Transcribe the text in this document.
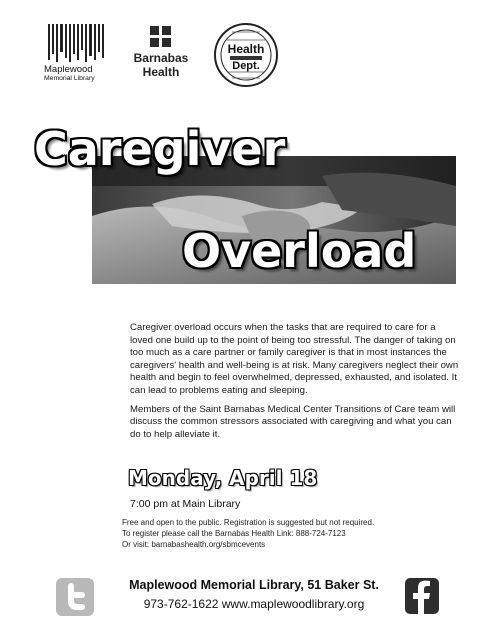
Maplewood
Memorial Library
Barnabas
Health
Health
Dept.
Caregiver
Overload

Caregiver overload occurs when the tasks that are required to care for a loved one build up to the point of being too stressful. The danger of taking on too much as a care partner or family caregiver is that in most instances the caregivers' health and well-being is at risk. Many caregivers neglect their own health and begin to feel overwhelmed, depressed, exhausted, and isolated. It can lead to problems eating and sleeping.

Members of the Saint Barnabas Medical Center Transitions of Care team will discuss the common stressors associated with caregiving and what you can do to help alleviate it.

Monday, April 18
7:00 pm at Main Library
Free and open to the public. Registration is suggested but not required.
To register please call the Barnabas Health Link: 888-724-7123
Or visit: barnabashealth.org/sbmcevents
Maplewood Memorial Library, 51 Baker St.
973-762-1622 www.maplewoodlibrary.org
